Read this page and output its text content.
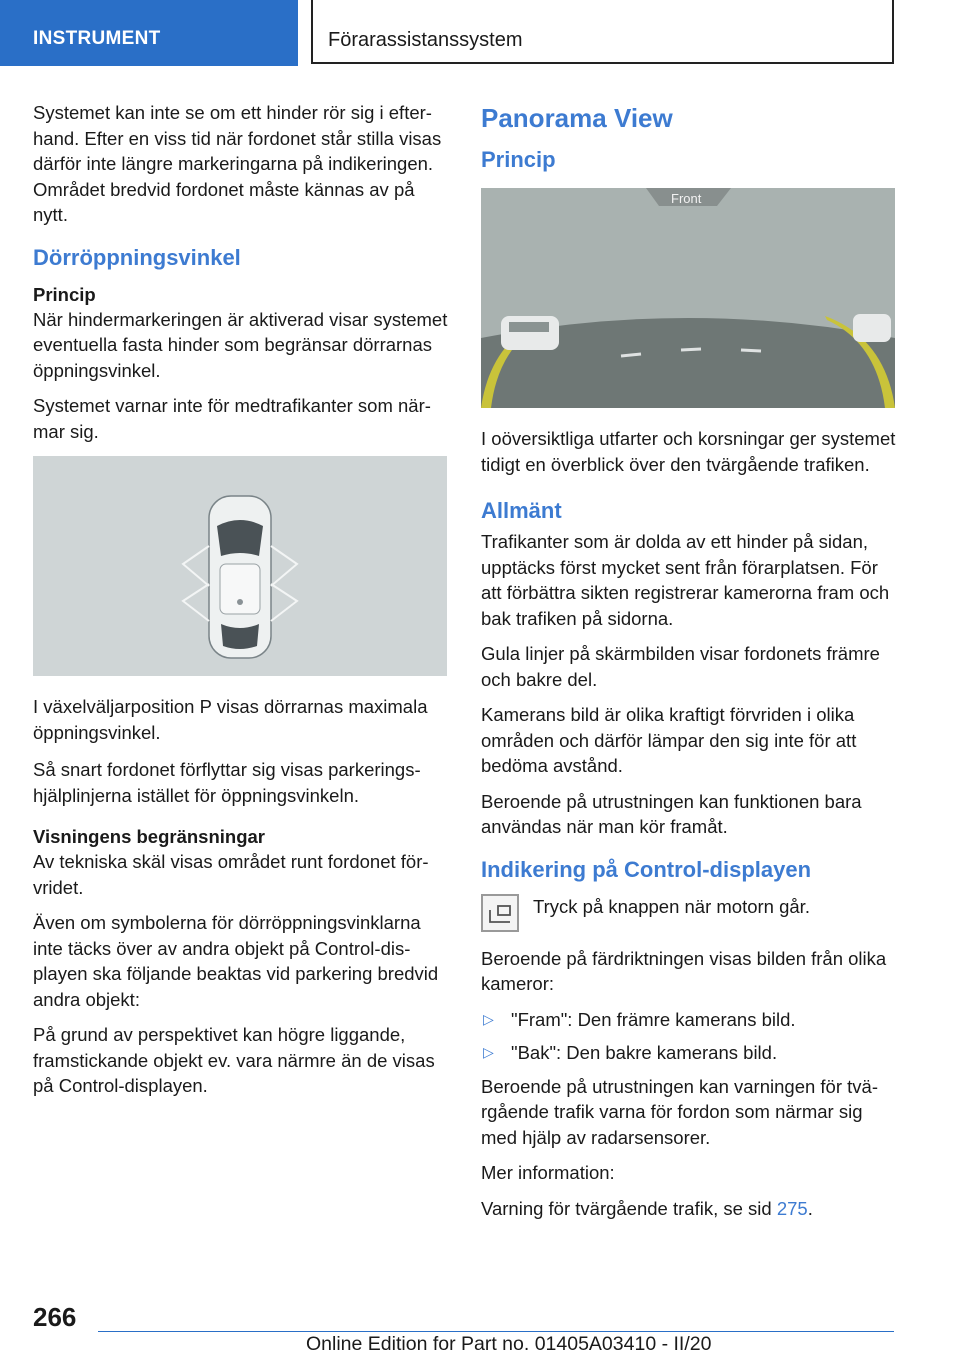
INSTRUMENT	Förarassistanssystem

Systemet kan inte se om ett hinder rör sig i efterhand. Efter en viss tid när fordonet står stilla visas därför inte längre markeringarna på indikeringen. Området bredvid fordonet måste kännas av på nytt.

Dörröppningsvinkel
Princip

När hindermarkeringen är aktiverad visar systemet eventuella fasta hinder som begränsar dörrarnas öppningsvinkel.

Systemet varnar inte för medtrafikanter som närmar sig.

I växelväljarposition P visas dörrarnas maximala öppningsvinkel.

Så snart fordonet förflyttar sig visas parkeringshjälplinjerna istället för öppningsvinkeln.

Visningens begränsningar

Av tekniska skäl visas området runt fordonet förvridet.

Även om symbolerna för dörröppningsvinklarna inte täcks över av andra objekt på Control-displayen ska följande beaktas vid parkering bredvid andra objekt:

På grund av perspektivet kan högre liggande, framstickande objekt ev. vara närmre än de visas på Control-displayen.

Panorama View
Princip
Front

I oöversiktliga utfarter och korsningar ger systemet tidigt en överblick över den tvärgående trafiken.

Allmänt

Trafikanter som är dolda av ett hinder på sidan, upptäcks först mycket sent från förarplatsen. För att förbättra sikten registrerar kamerorna fram och bak trafiken på sidorna.

Gula linjer på skärmbilden visar fordonets främre och bakre del.

Kamerans bild är olika kraftigt förvriden i olika områden och därför lämpar den sig inte för att bedöma avstånd.

Beroende på utrustningen kan funktionen bara användas när man kör framåt.

Indikering på Control-displayen

Tryck på knappen när motorn går.

Beroende på färdriktningen visas bilden från olika kameror:

▷ "Fram": Den främre kamerans bild.
▷ "Bak": Den bakre kamerans bild.

Beroende på utrustningen kan varningen för tvärgående trafik varna för fordon som närmar sig med hjälp av radarsensorer.

Mer information:

Varning för tvärgående trafik, se sid 275.

266
Online Edition for Part no. 01405A03410 - II/20
